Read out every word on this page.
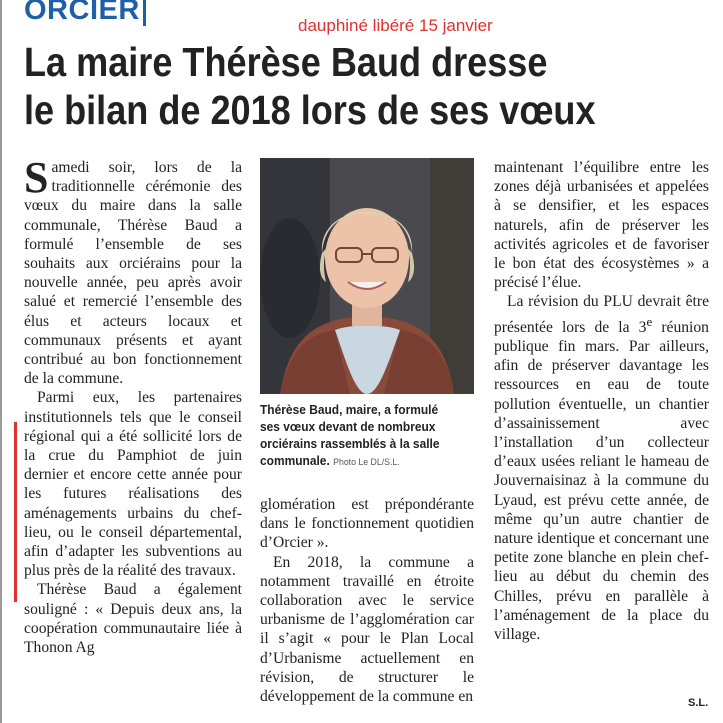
ORCIER	dauphiné libéré 15 janvier
La maire Thérèse Baud dresse
le bilan de 2018 lors de ses vœux

Samedi soir, lors de la traditionnelle cérémonie des vœux du maire dans la salle communale, Thérèse Baud a formulé l’ensemble de ses souhaits aux orciérains pour la nouvelle année, peu après avoir salué et remercié l’ensemble des élus et acteurs locaux et communaux présents et ayant contribué au bon fonctionnement de la commune.

Parmi eux, les partenaires institutionnels tels que le conseil régional qui a été sollicité lors de la crue du Pamphiot de juin dernier et encore cette année pour les futures réalisations des aménagements urbains du chef-lieu, ou le conseil départemental, afin d’adapter les subventions au plus près de la réalité des travaux.

Thérèse Baud a également souligné : « Depuis deux ans, la coopération communautaire liée à Thonon Ag

Thérèse Baud, maire, a formulé ses vœux devant de nombreux orciérains rassemblés à la salle communale. Photo Le DL/S.L.

glomération est prépondérante dans le fonctionnement quotidien d’Orcier ».

En 2018, la commune a notamment travaillé en étroite collaboration avec le service urbanisme de l’agglomération car il s’agit « pour le Plan Local d’Urbanisme actuellement en révision, de structurer le développement de la commune en

maintenant l’équilibre entre les zones déjà urbanisées et appelées à se densifier, et les espaces naturels, afin de préserver les activités agricoles et de favoriser le bon état des écosystèmes » a précisé l’élue.

La révision du PLU devrait être présentée lors de la 3e réunion publique fin mars. Par ailleurs, afin de préserver davantage les ressources en eau de toute pollution éventuelle, un chantier d’assainissement avec l’installation d’un collecteur d’eaux usées reliant le hameau de Jouvernaisinaz à la commune du Lyaud, est prévu cette année, de même qu’un autre chantier de nature identique et concernant une petite zone blanche en plein chef-lieu au début du chemin des Chilles, prévu en parallèle à l’aménagement de la place du village.

S.L.
